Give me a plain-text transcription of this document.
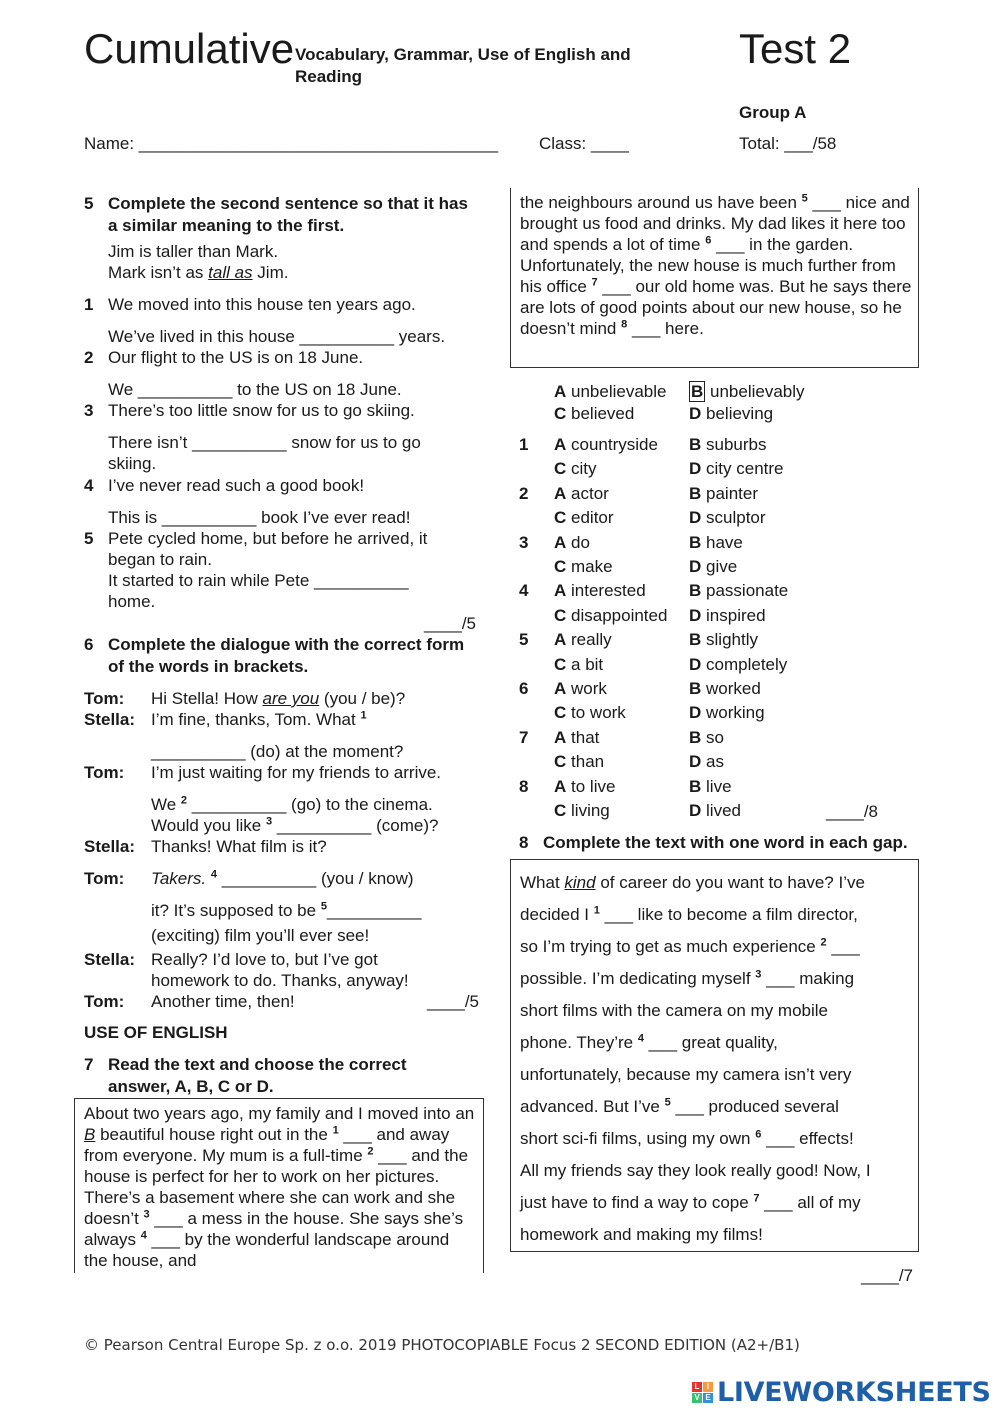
Cumulative Vocabulary, Grammar, Use of English and Reading
Test 2
Group A
Name: ______________________________________ Class: ____	Total: ___/58
5 Complete the second sentence so that it has a similar meaning to the first.
Jim is taller than Mark.
Mark isn’t as tall as Jim.
1 We moved into this house ten years ago.
We’ve lived in this house __________ years.
2 Our flight to the US is on 18 June.
We __________ to the US on 18 June.
3 There’s too little snow for us to go skiing.
There isn’t __________ snow for us to go skiing.
4 I’ve never read such a good book!
This is __________ book I’ve ever read!
5 Pete cycled home, but before he arrived, it began to rain.
It started to rain while Pete __________ home.
____/5
6 Complete the dialogue with the correct form of the words in brackets.
Tom: Hi Stella! How are you (you / be)?
Stella: I’m fine, thanks, Tom. What $^1$
__________ (do) at the moment?
Tom: I’m just waiting for my friends to arrive.
We $^2$ __________ (go) to the cinema.
Would you like $^3$ __________ (come)?
Stella: Thanks! What film is it?
Tom: Takers. $^4$ __________ (you / know)
it? It’s supposed to be $^5$__________
(exciting) film you’ll ever see!
Stella: Really? I’d love to, but I’ve got homework to do. Thanks, anyway!
Tom: Another time, then!	____/5
USE OF ENGLISH
7 Read the text and choose the correct answer, A, B, C or D.
About two years ago, my family and I moved into an B beautiful house right out in the $^1$ ___ and away from everyone. My mum is a full-time $^2$ ___ and the house is perfect for her to work on her pictures. There’s a basement where she can work and she doesn’t $^3$ ___ a mess in the house. She says she’s always $^4$ ___ by the wonderful landscape around the house, and
the neighbours around us have been $^5$ ___ nice and brought us food and drinks. My dad likes it here too and spends a lot of time $^6$ ___ in the garden. Unfortunately, the new house is much further from his office $^7$ ___ our old home was. But he says there are lots of good points about our new house, so he doesn’t mind $^8$ ___ here.
A unbelievable B unbelievably
C believed	D believing
1 A countryside B suburbs
C city	D city centre
2 A actor	B painter
C editor	D sculptor
3 A do	B have
C make	D give
4 A interested	B passionate
C disappointed D inspired
5 A really	B slightly
C a bit	D completely
6 A work	B worked
C to work	D working
7 A that	B so
C than	D as
8 A to live	B live
C living	D lived	____/8
8 Complete the text with one word in each gap.
What kind of career do you want to have? I’ve
decided I $^1$ ___ like to become a film director,
so I’m trying to get as much experience $^2$ ___
possible. I’m dedicating myself $^3$ ___ making
short films with the camera on my mobile
phone. They’re $^4$ ___ great quality,
unfortunately, because my camera isn’t very
advanced. But I’ve $^5$ ___ produced several
short sci-fi films, using my own $^6$ ___ effects!
All my friends say they look really good! Now, I
just have to find a way to cope $^7$ ___ all of my
homework and making my films!
____/7
© Pearson Central Europe Sp. z o.o. 2019 PHOTOCOPIABLE Focus 2 SECOND EDITION (A2+/B1)
L I
V E LIVEWORKSHEETS
